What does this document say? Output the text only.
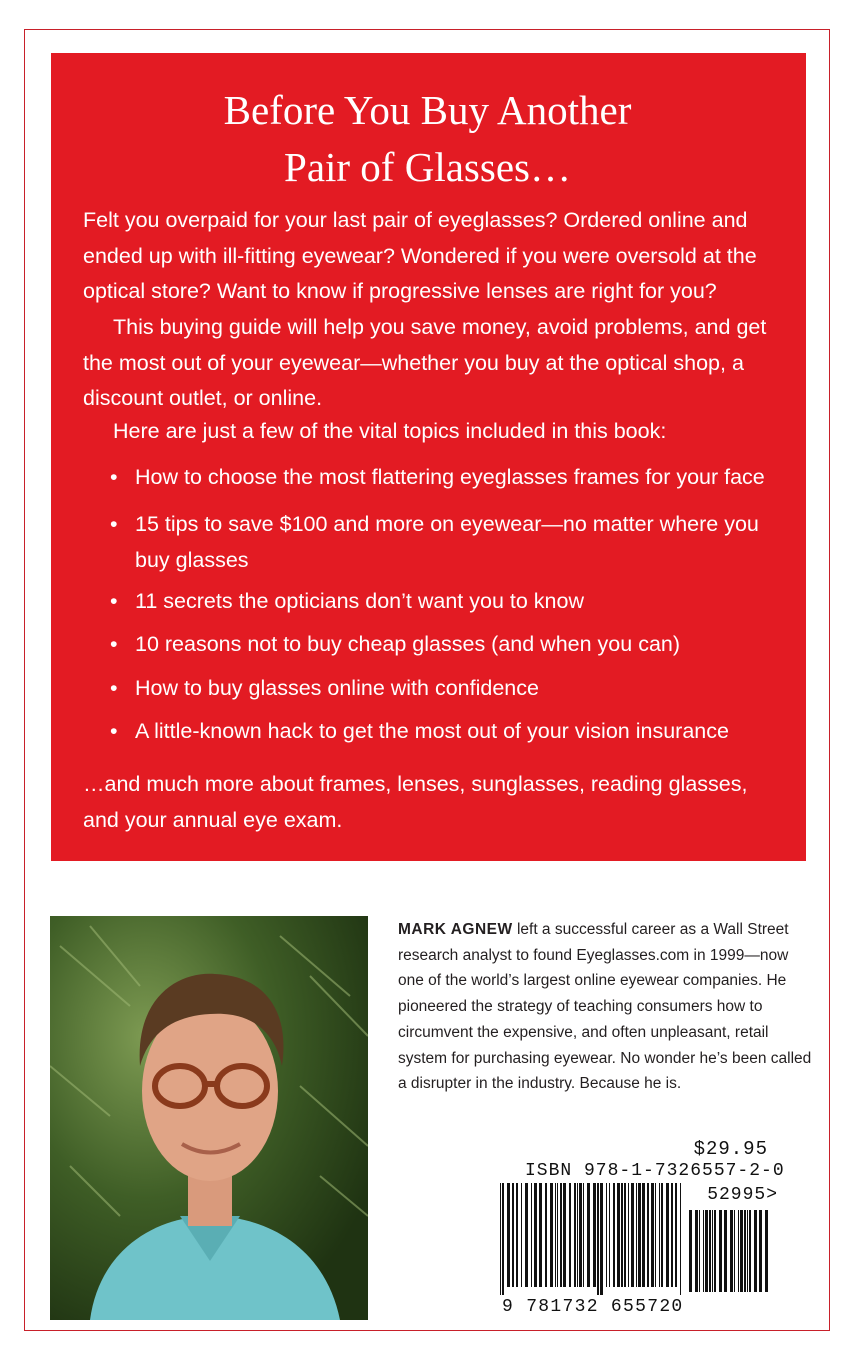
Before You Buy Another
Pair of Glasses…

Felt you overpaid for your last pair of eyeglasses? Ordered online and ended up with ill-fitting eyewear? Wondered if you were oversold at the optical store? Want to know if progressive lenses are right for you?

This buying guide will help you save money, avoid problems, and get the most out of your eyewear—whether you buy at the optical shop, a discount outlet, or online.

Here are just a few of the vital topics included in this book:

• How to choose the most flattering eyeglasses frames for your face
• 15 tips to save $100 and more on eyewear—no matter where you buy glasses
• 11 secrets the opticians don’t want you to know
• 10 reasons not to buy cheap glasses (and when you can)
• How to buy glasses online with confidence
• A little-known hack to get the most out of your vision insurance

…and much more about frames, lenses, sunglasses, reading glasses, and your annual eye exam.

MARK AGNEW left a successful career as a Wall Street research analyst to found Eyeglasses.com in 1999—now one of the world’s largest online eyewear companies. He pioneered the strategy of teaching consumers how to circumvent the expensive, and often unpleasant, retail system for purchasing eyewear. No wonder he’s been called a disrupter in the industry. Because he is.

$29.95
ISBN 978-1-7326557-2-0
52995>
9 781732 655720
